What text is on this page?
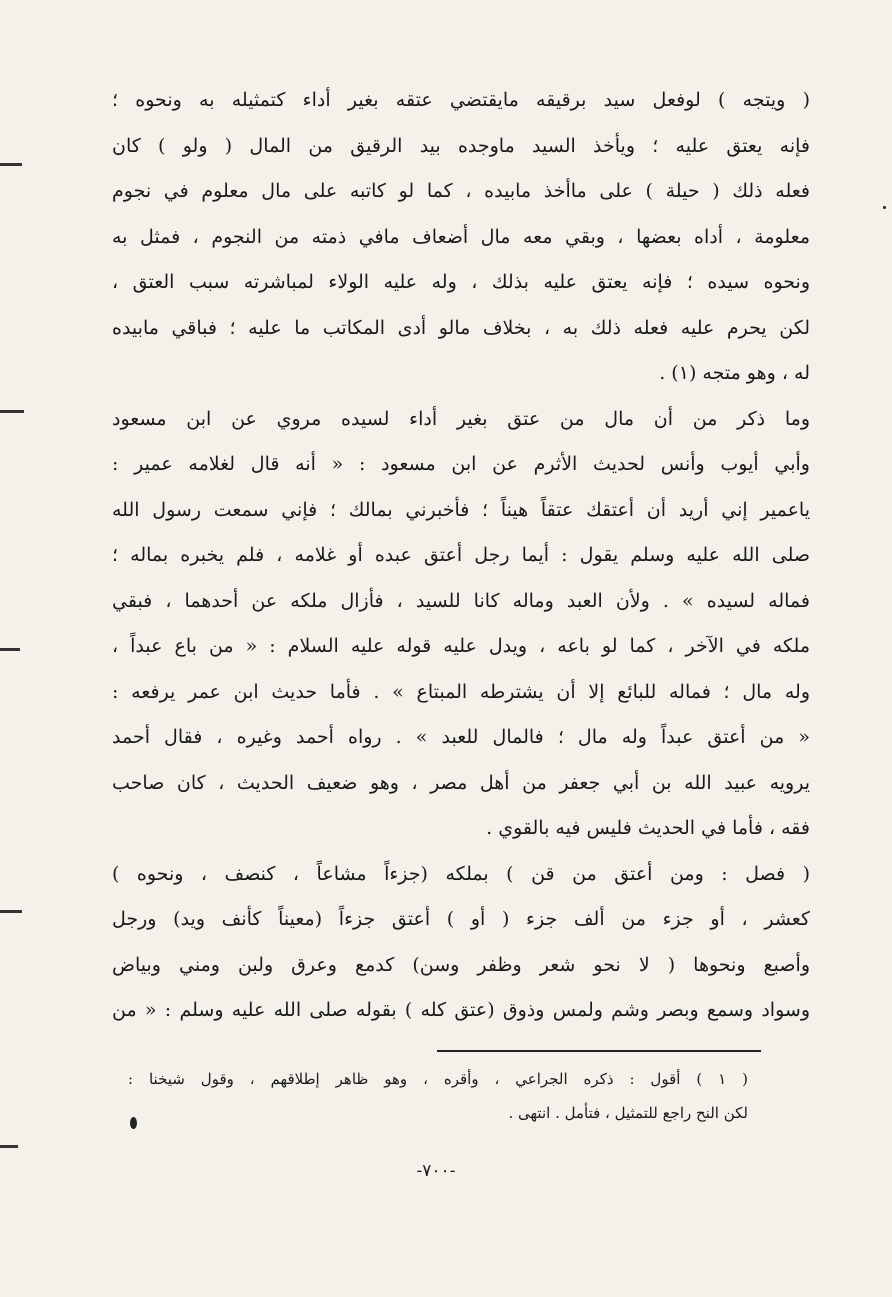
( ويتجه ) لوفعل سيد برقيقه مايقتضي عتقه بغير أداء كتمثيله به ونحوه ؛
فإنه يعتق عليه ؛ ويأخذ السيد ماوجده بيد الرقيق من المال ( ولو ) كان
فعله ذلك ( حيلة ) على ماأخذ مابيده ، كما لو كاتبه على مال معلوم في نجوم
معلومة ، أداه بعضها ، وبقي معه مال أضعاف مافي ذمته من النجوم ، فمثل به
ونحوه سيده ؛ فإنه يعتق عليه بذلك ، وله عليه الولاء لمباشرته سبب العتق ،
لكن يحرم عليه فعله ذلك به ، بخلاف مالو أدى المكاتب ما عليه ؛ فباقي مابيده
له ، وهو متجه (١) .
وما ذكر من أن مال من عتق بغير أداء لسيده مروي عن ابن مسعود
وأبي أيوب وأنس لحديث الأثرم عن ابن مسعود : « أنه قال لغلامه عمير :
ياعمير إني أريد أن أعتقك عتقاً هيناً ؛ فأخبرني بمالك ؛ فإني سمعت رسول الله
صلى الله عليه وسلم يقول : أيما رجل أعتق عبده أو غلامه ، فلم يخبره بماله ؛
فماله لسيده » . ولأن العبد وماله كانا للسيد ، فأزال ملكه عن أحدهما ، فبقي
ملكه في الآخر ، كما لو باعه ، ويدل عليه قوله عليه السلام : « من باع عبداً ،
وله مال ؛ فماله للبائع إلا أن يشترطه المبتاع » . فأما حديث ابن عمر يرفعه :
« من أعتق عبداً وله مال ؛ فالمال للعبد » . رواه أحمد وغيره ، فقال أحمد
يرويه عبيد الله بن أبي جعفر من أهل مصر ، وهو ضعيف الحديث ، كان صاحب
فقه ، فأما في الحديث فليس فيه بالقوي .
( فصل : ومن أعتق من قن ) بملكه (جزءاً مشاعاً ، كنصف ، ونحوه )
كعشر ، أو جزء من ألف جزء ( أو ) أعتق جزءاً (معيناً كأنف ويد) ورجل
وأصبع ونحوها ( لا نحو شعر وظفر وسن) كدمع وعرق ولبن ومني وبياض
وسواد وسمع وبصر وشم ولمس وذوق (عتق كله ) بقوله صلى الله عليه وسلم : « من
( ١ ) أقول : ذكره الجراعي ، وأقره ، وهو ظاهر إطلاقهم ، وقول شيخنا :
لكن النح راجع للتمثيل ، فتأمل . انتهى .
-٧٠٠-
